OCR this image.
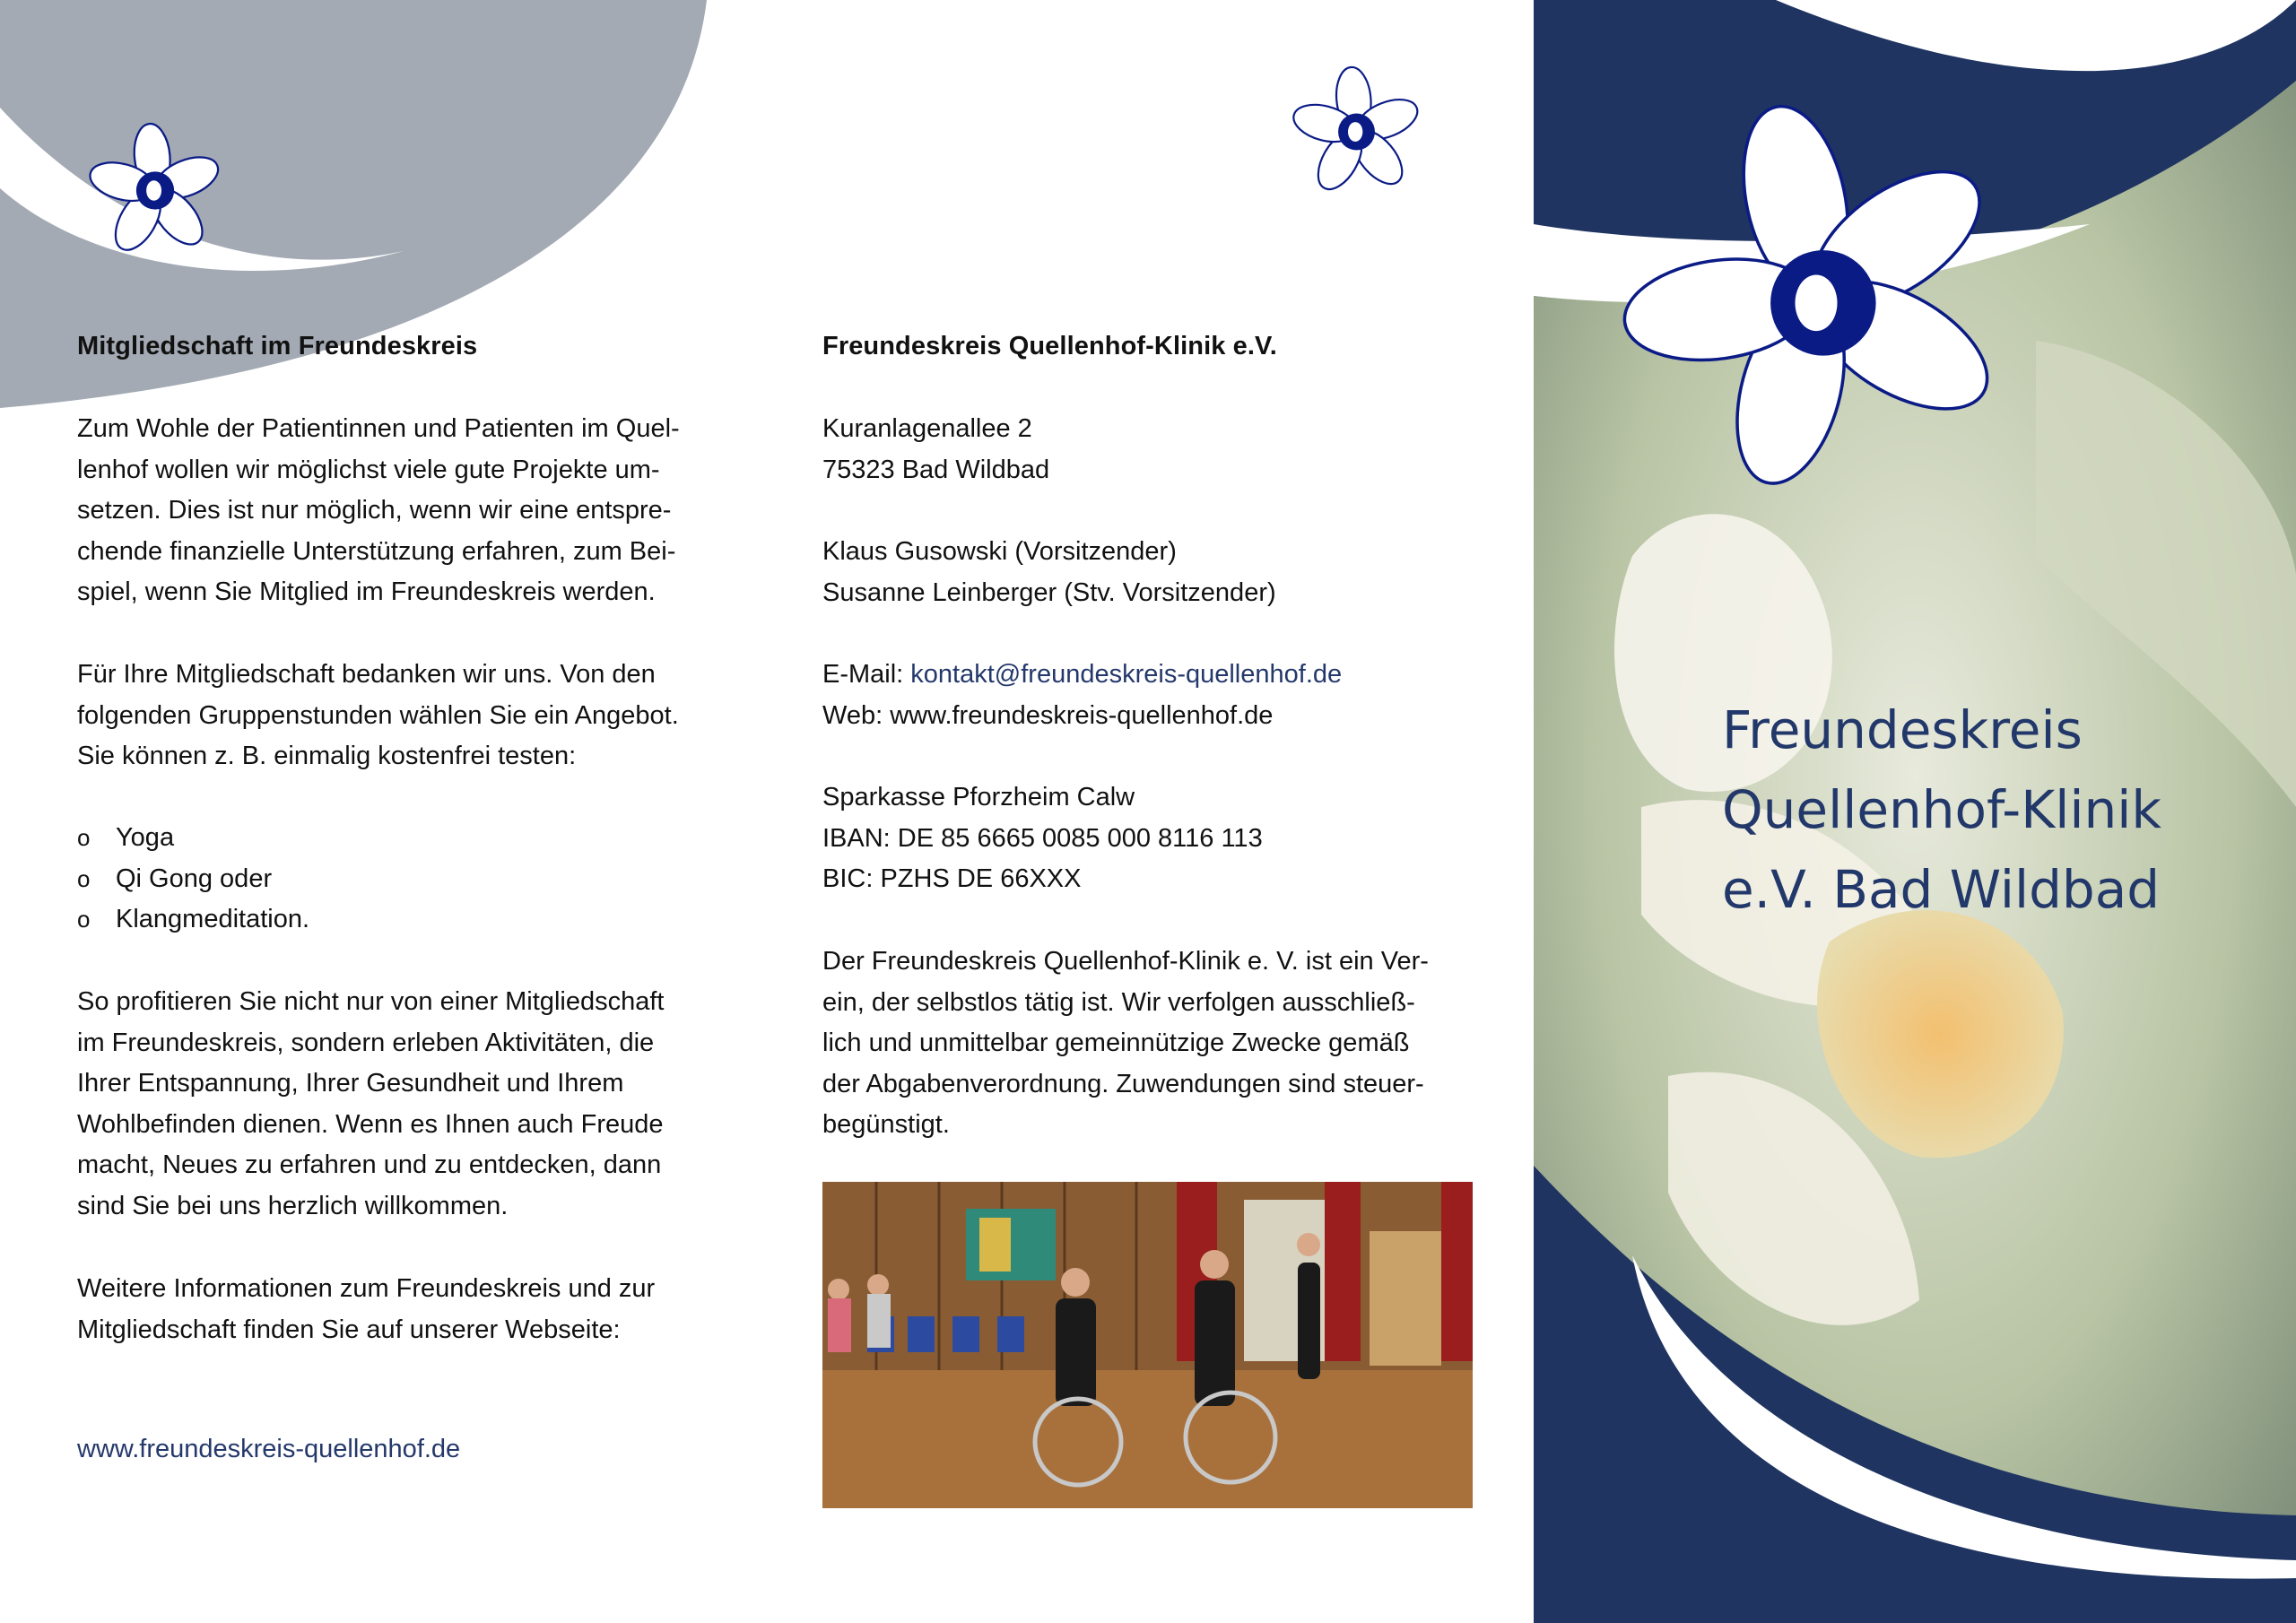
Mitgliedschaft im Freundeskreis

Zum Wohle der Patientinnen und Patienten im Quel-
lenhof wollen wir möglichst viele gute Projekte um-
setzen. Dies ist nur möglich, wenn wir eine entspre-
chende finanzielle Unterstützung erfahren, zum Bei-
spiel, wenn Sie Mitglied im Freundeskreis werden.

Für Ihre Mitgliedschaft bedanken wir uns. Von den
folgenden Gruppenstunden wählen Sie ein Angebot.
Sie können z. B. einmalig kostenfrei testen:

o Yoga
o Qi Gong oder
o Klangmeditation.

So profitieren Sie nicht nur von einer Mitgliedschaft
im Freundeskreis, sondern erleben Aktivitäten, die
Ihrer Entspannung, Ihrer Gesundheit und Ihrem
Wohlbefinden dienen. Wenn es Ihnen auch Freude
macht, Neues zu erfahren und zu entdecken, dann
sind Sie bei uns herzlich willkommen.

Weitere Informationen zum Freundeskreis und zur
Mitgliedschaft finden Sie auf unserer Webseite:

www.freundeskreis-quellenhof.de
Freundeskreis Quellenhof-Klinik e.V.

Kuranlagenallee 2
75323 Bad Wildbad

Klaus Gusowski (Vorsitzender)
Susanne Leinberger (Stv. Vorsitzender)

E-Mail: kontakt@freundeskreis-quellenhof.de
Web: www.freundeskreis-quellenhof.de

Sparkasse Pforzheim Calw
IBAN: DE 85 6665 0085 000 8116 113
BIC: PZHS DE 66XXX

Der Freundeskreis Quellenhof-Klinik e. V. ist ein Ver-
ein, der selbstlos tätig ist. Wir verfolgen ausschließ-
lich und unmittelbar gemeinnützige Zwecke gemäß
der Abgabenverordnung. Zuwendungen sind steuer-
begünstigt.

Freundeskreis
Quellenhof-Klinik
e.V. Bad Wildbad
